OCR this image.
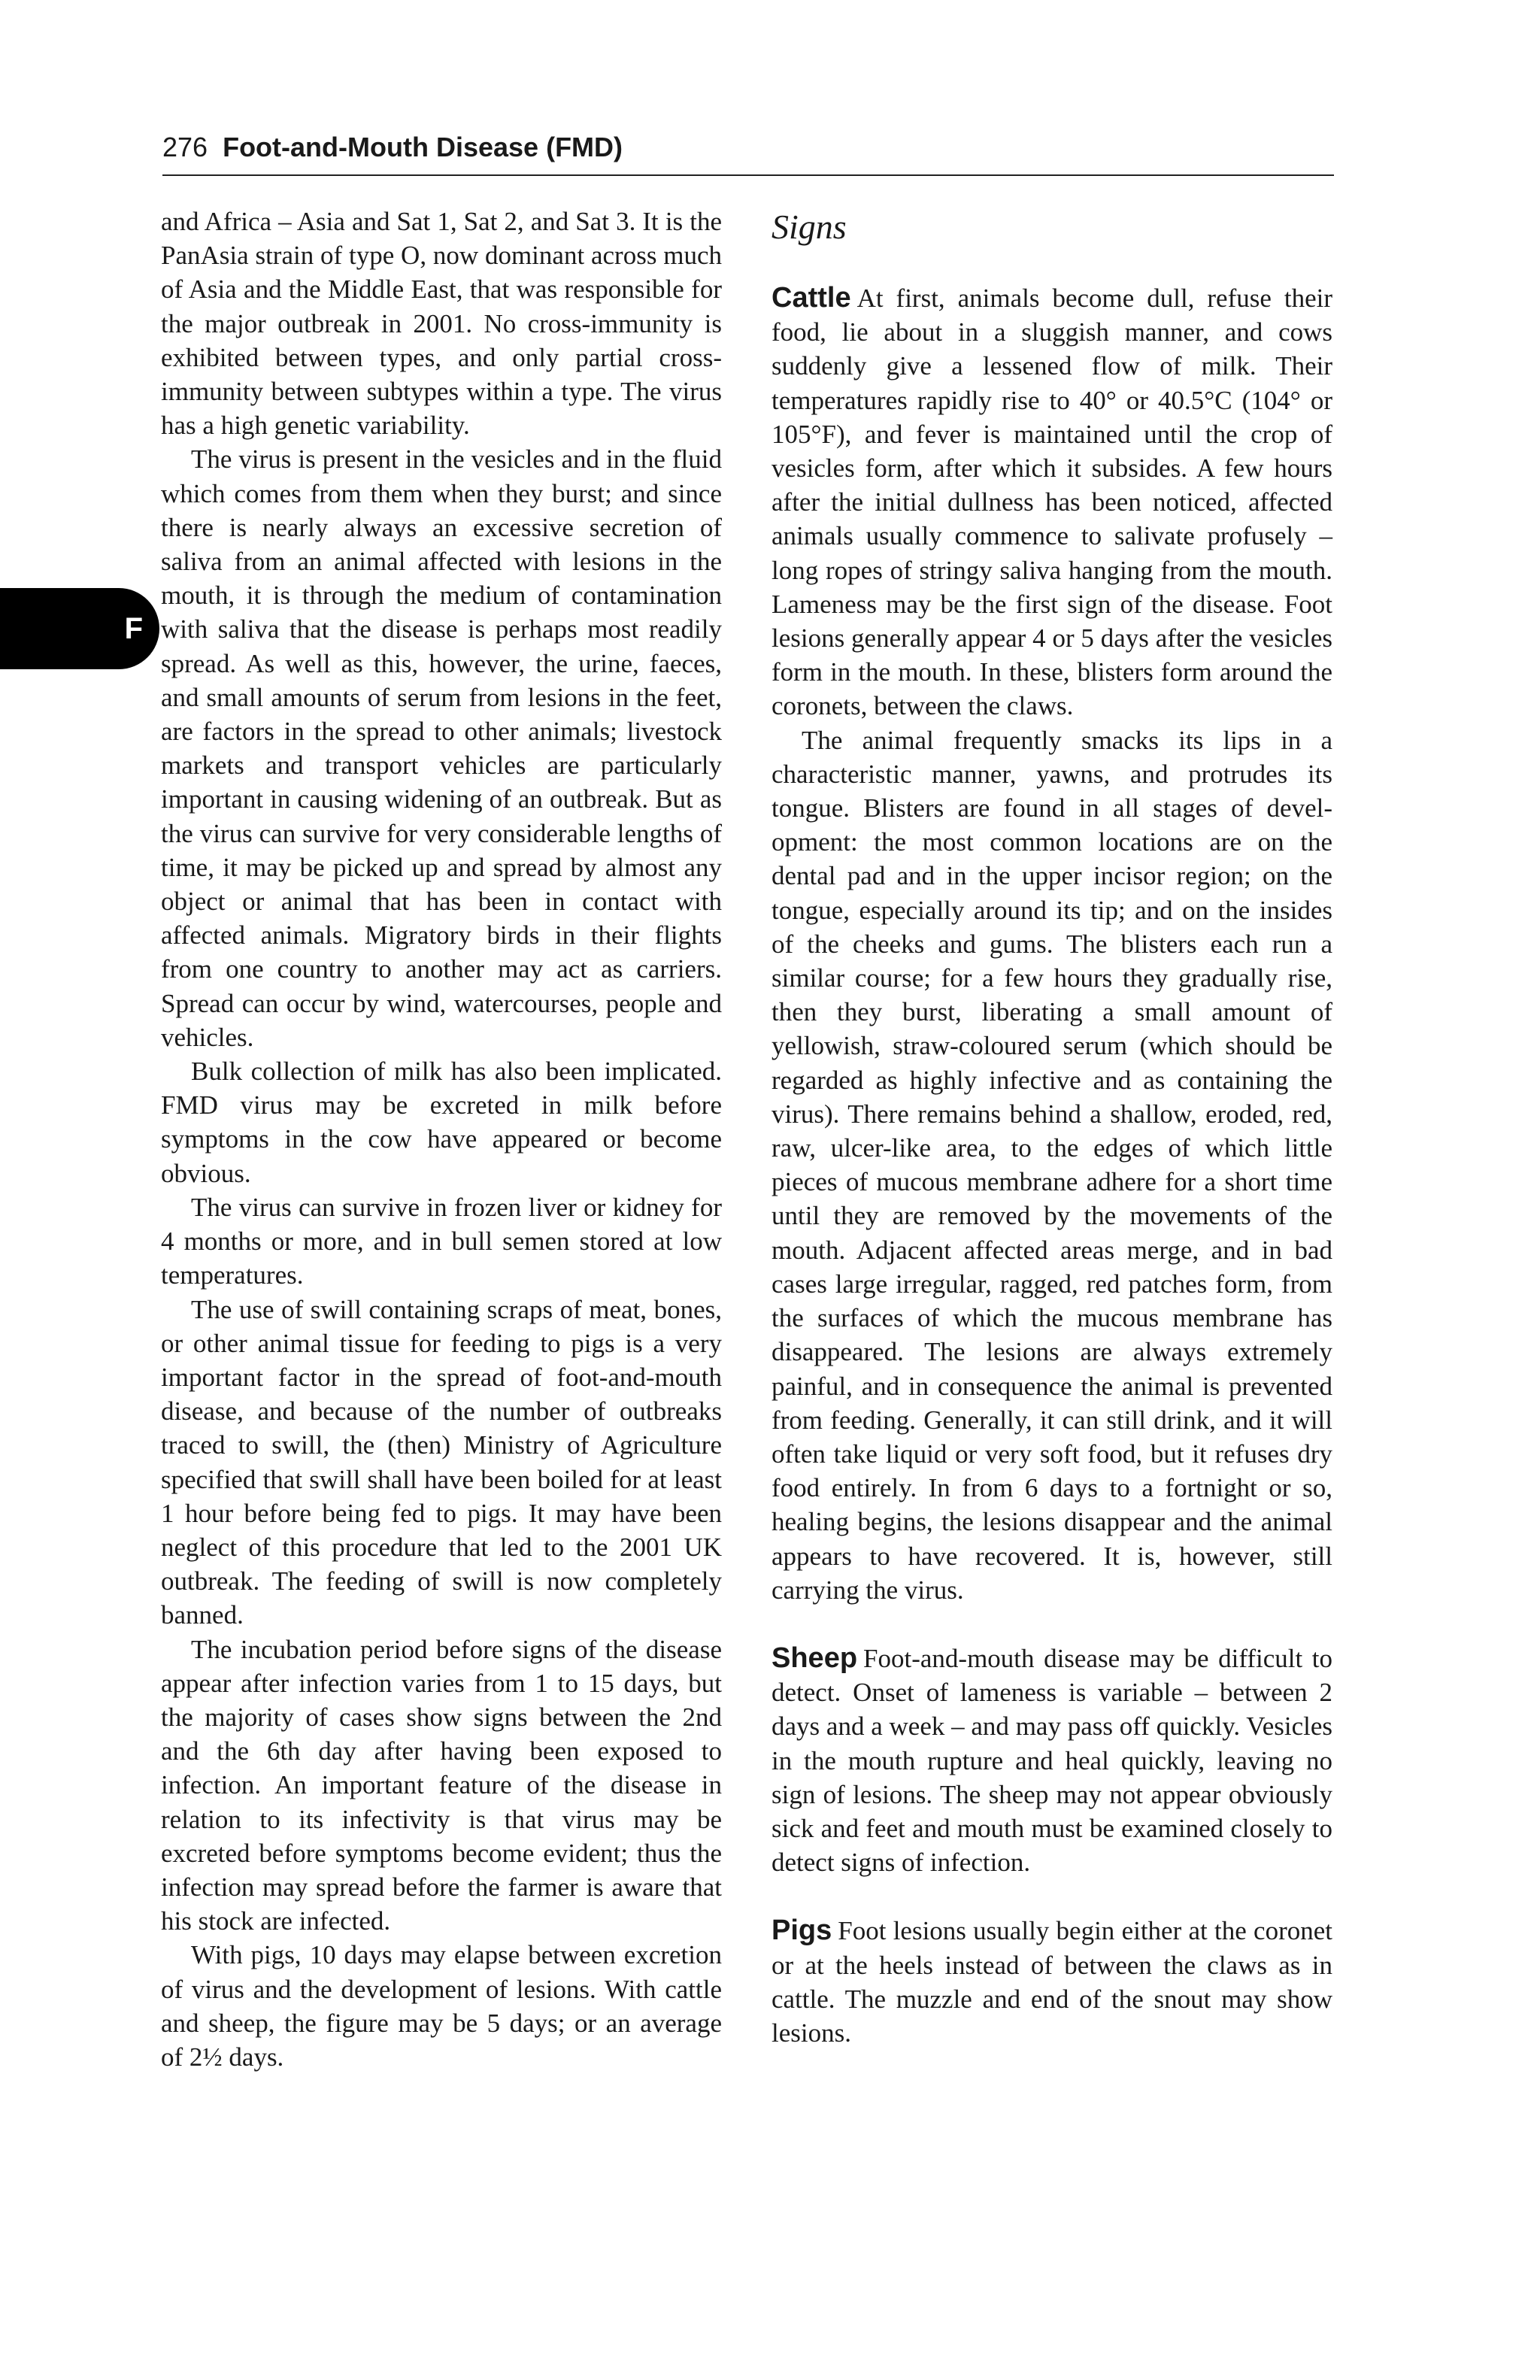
276 Foot-and-Mouth Disease (FMD)
F

and Africa – Asia and Sat 1, Sat 2, and Sat 3. It is the PanAsia strain of type O, now dominant across much of Asia and the Middle East, that was responsible for the major outbreak in 2001. No cross-immunity is exhibited between types, and only partial cross-immunity between subtypes within a type. The virus has a high genetic variability.

The virus is present in the vesicles and in the fluid which comes from them when they burst; and since there is nearly always an excessive secretion of saliva from an animal affected with lesions in the mouth, it is through the medium of contamination with saliva that the disease is perhaps most readily spread. As well as this, however, the urine, faeces, and small amounts of serum from lesions in the feet, are factors in the spread to other animals; livestock markets and transport vehicles are particularly important in causing widening of an outbreak. But as the virus can survive for very considerable lengths of time, it may be picked up and spread by almost any object or animal that has been in contact with affected animals. Migratory birds in their flights from one country to another may act as carriers. Spread can occur by wind, watercourses, people and vehicles.

Bulk collection of milk has also been implicated. FMD virus may be excreted in milk before symptoms in the cow have appeared or become obvious.

The virus can survive in frozen liver or kidney for 4 months or more, and in bull semen stored at low temperatures.

The use of swill containing scraps of meat, bones, or other animal tissue for feeding to pigs is a very important factor in the spread of foot-and-mouth disease, and because of the number of outbreaks traced to swill, the (then) Ministry of Agriculture specified that swill shall have been boiled for at least 1 hour before being fed to pigs. It may have been neglect of this procedure that led to the 2001 UK outbreak. The feeding of swill is now completely banned.

The incubation period before signs of the disease appear after infection varies from 1 to 15 days, but the majority of cases show signs between the 2nd and the 6th day after having been exposed to infection. An important feature of the disease in relation to its infectivity is that virus may be excreted before symptoms become evident; thus the infection may spread before the farmer is aware that his stock are infected.

With pigs, 10 days may elapse between excretion of virus and the development of lesions. With cattle and sheep, the figure may be 5 days; or an average of 2½ days.

Signs

Cattle At first, animals become dull, refuse their food, lie about in a sluggish manner, and cows suddenly give a lessened flow of milk. Their temperatures rapidly rise to 40° or 40.5°C (104° or 105°F), and fever is maintained until the crop of vesicles form, after which it subsides. A few hours after the initial dullness has been noticed, affected animals usually commence to salivate profusely – long ropes of stringy saliva hanging from the mouth. Lameness may be the first sign of the disease. Foot lesions generally appear 4 or 5 days after the vesicles form in the mouth. In these, blisters form around the coronets, between the claws.

The animal frequently smacks its lips in a characteristic manner, yawns, and protrudes its tongue. Blisters are found in all stages of development: the most common locations are on the dental pad and in the upper incisor region; on the tongue, especially around its tip; and on the insides of the cheeks and gums. The blisters each run a similar course; for a few hours they gradually rise, then they burst, liberating a small amount of yellowish, straw-coloured serum (which should be regarded as highly infective and as containing the virus). There remains behind a shallow, eroded, red, raw, ulcer-like area, to the edges of which little pieces of mucous membrane adhere for a short time until they are removed by the movements of the mouth. Adjacent affected areas merge, and in bad cases large irregular, ragged, red patches form, from the surfaces of which the mucous membrane has disappeared. The lesions are always extremely painful, and in consequence the animal is prevented from feeding. Generally, it can still drink, and it will often take liquid or very soft food, but it refuses dry food entirely. In from 6 days to a fortnight or so, healing begins, the lesions disappear and the animal appears to have recovered. It is, however, still carrying the virus.

Sheep Foot-and-mouth disease may be difficult to detect. Onset of lameness is variable – between 2 days and a week – and may pass off quickly. Vesicles in the mouth rupture and heal quickly, leaving no sign of lesions. The sheep may not appear obviously sick and feet and mouth must be examined closely to detect signs of infection.

Pigs Foot lesions usually begin either at the coronet or at the heels instead of between the claws as in cattle. The muzzle and end of the snout may show lesions.
